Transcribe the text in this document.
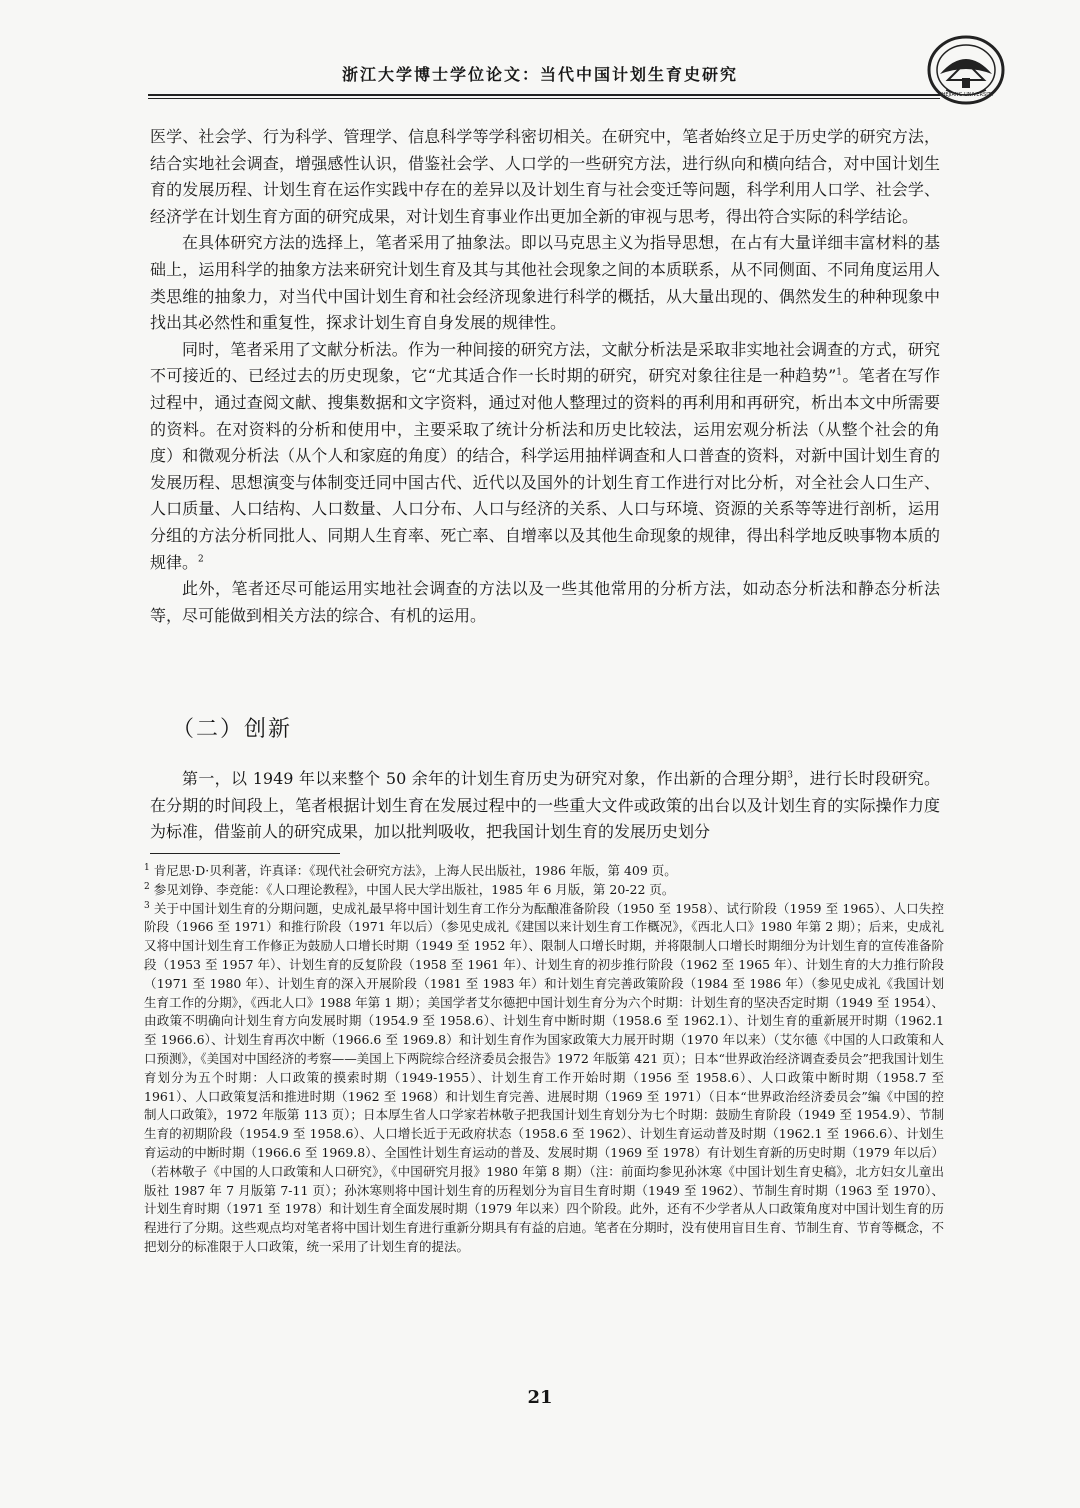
浙江大学博士学位论文：当代中国计划生育史研究
ZHEJIANG UNIVERSITY

医学、社会学、行为科学、管理学、信息科学等学科密切相关。在研究中，笔者始终立足于历史学的研究方法，结合实地社会调查，增强感性认识，借鉴社会学、人口学的一些研究方法，进行纵向和横向结合，对中国计划生育的发展历程、计划生育在运作实践中存在的差异以及计划生育与社会变迁等问题，科学利用人口学、社会学、经济学在计划生育方面的研究成果，对计划生育事业作出更加全新的审视与思考，得出符合实际的科学结论。

在具体研究方法的选择上，笔者采用了抽象法。即以马克思主义为指导思想，在占有大量详细丰富材料的基础上，运用科学的抽象方法来研究计划生育及其与其他社会现象之间的本质联系，从不同侧面、不同角度运用人类思维的抽象力，对当代中国计划生育和社会经济现象进行科学的概括，从大量出现的、偶然发生的种种现象中找出其必然性和重复性，探求计划生育自身发展的规律性。

同时，笔者采用了文献分析法。作为一种间接的研究方法，文献分析法是采取非实地社会调查的方式，研究不可接近的、已经过去的历史现象，它“尤其适合作一长时期的研究，研究对象往往是一种趋势”$^1$。笔者在写作过程中，通过查阅文献、搜集数据和文字资料，通过对他人整理过的资料的再利用和再研究，析出本文中所需要的资料。在对资料的分析和使用中，主要采取了统计分析法和历史比较法，运用宏观分析法（从整个社会的角度）和微观分析法（从个人和家庭的角度）的结合，科学运用抽样调查和人口普查的资料，对新中国计划生育的发展历程、思想演变与体制变迁同中国古代、近代以及国外的计划生育工作进行对比分析，对全社会人口生产、人口质量、人口结构、人口数量、人口分布、人口与经济的关系、人口与环境、资源的关系等等进行剖析，运用分组的方法分析同批人、同期人生育率、死亡率、自增率以及其他生命现象的规律，得出科学地反映事物本质的规律。$^2$

此外，笔者还尽可能运用实地社会调查的方法以及一些其他常用的分析方法，如动态分析法和静态分析法等，尽可能做到相关方法的综合、有机的运用。

（二）创新

第一，以 1949 年以来整个 50 余年的计划生育历史为研究对象，作出新的合理分期$^3$，进行长时段研究。在分期的时间段上，笔者根据计划生育在发展过程中的一些重大文件或政策的出台以及计划生育的实际操作力度为标准，借鉴前人的研究成果，加以批判吸收，把我国计划生育的发展历史划分

$^1$ 肯尼思·D·贝利著，许真译：《现代社会研究方法》，上海人民出版社，1986 年版，第 409 页。

$^2$ 参见刘铮、李竞能：《人口理论教程》，中国人民大学出版社，1985 年 6 月版，第 20-22 页。

$^3$ 关于中国计划生育的分期问题，史成礼最早将中国计划生育工作分为酝酿准备阶段（1950 至 1958）、试行阶段（1959 至 1965）、人口失控阶段（1966 至 1971）和推行阶段（1971 年以后）（参见史成礼《建国以来计划生育工作概况》，《西北人口》1980 年第 2 期）；后来，史成礼又将中国计划生育工作修正为鼓励人口增长时期（1949 至 1952 年）、限制人口增长时期，并将限制人口增长时期细分为计划生育的宣传准备阶段（1953 至 1957 年）、计划生育的反复阶段（1958 至 1961 年）、计划生育的初步推行阶段（1962 至 1965 年）、计划生育的大力推行阶段（1971 至 1980 年）、计划生育的深入开展阶段（1981 至 1983 年）和计划生育完善政策阶段（1984 至 1986 年）（参见史成礼《我国计划生育工作的分期》，《西北人口》1988 年第 1 期）；美国学者艾尔德把中国计划生育分为六个时期：计划生育的坚决否定时期（1949 至 1954）、由政策不明确向计划生育方向发展时期（1954.9 至 1958.6）、计划生育中断时期（1958.6 至 1962.1）、计划生育的重新展开时期（1962.1 至 1966.6）、计划生育再次中断（1966.6 至 1969.8）和计划生育作为国家政策大力展开时期（1970 年以来）（艾尔德《中国的人口政策和人口预测》，《美国对中国经济的考察——美国上下两院综合经济委员会报告》1972 年版第 421 页）；日本“世界政治经济调查委员会”把我国计划生育划分为五个时期：人口政策的摸索时期（1949-1955）、计划生育工作开始时期（1956 至 1958.6）、人口政策中断时期（1958.7 至 1961）、人口政策复活和推进时期（1962 至 1968）和计划生育完善、进展时期（1969 至 1971）（日本“世界政治经济委员会”编《中国的控制人口政策》，1972 年版第 113 页）；日本厚生省人口学家若林敬子把我国计划生育划分为七个时期：鼓励生育阶段（1949 至 1954.9）、节制生育的初期阶段（1954.9 至 1958.6）、人口增长近于无政府状态（1958.6 至 1962）、计划生育运动普及时期（1962.1 至 1966.6）、计划生育运动的中断时期（1966.6 至 1969.8）、全国性计划生育运动的普及、发展时期（1969 至 1978）有计划生育新的历史时期（1979 年以后）（若林敬子《中国的人口政策和人口研究》，《中国研究月报》1980 年第 8 期）（注：前面均参见孙沐寒《中国计划生育史稿》，北方妇女儿童出版社 1987 年 7 月版第 7-11 页）；孙沐寒则将中国计划生育的历程划分为盲目生育时期（1949 至 1962）、节制生育时期（1963 至 1970）、计划生育时期（1971 至 1978）和计划生育全面发展时期（1979 年以来）四个阶段。此外，还有不少学者从人口政策角度对中国计划生育的历程进行了分期。这些观点均对笔者将中国计划生育进行重新分期具有有益的启迪。笔者在分期时，没有使用盲目生育、节制生育、节育等概念，不把划分的标准限于人口政策，统一采用了计划生育的提法。

21
